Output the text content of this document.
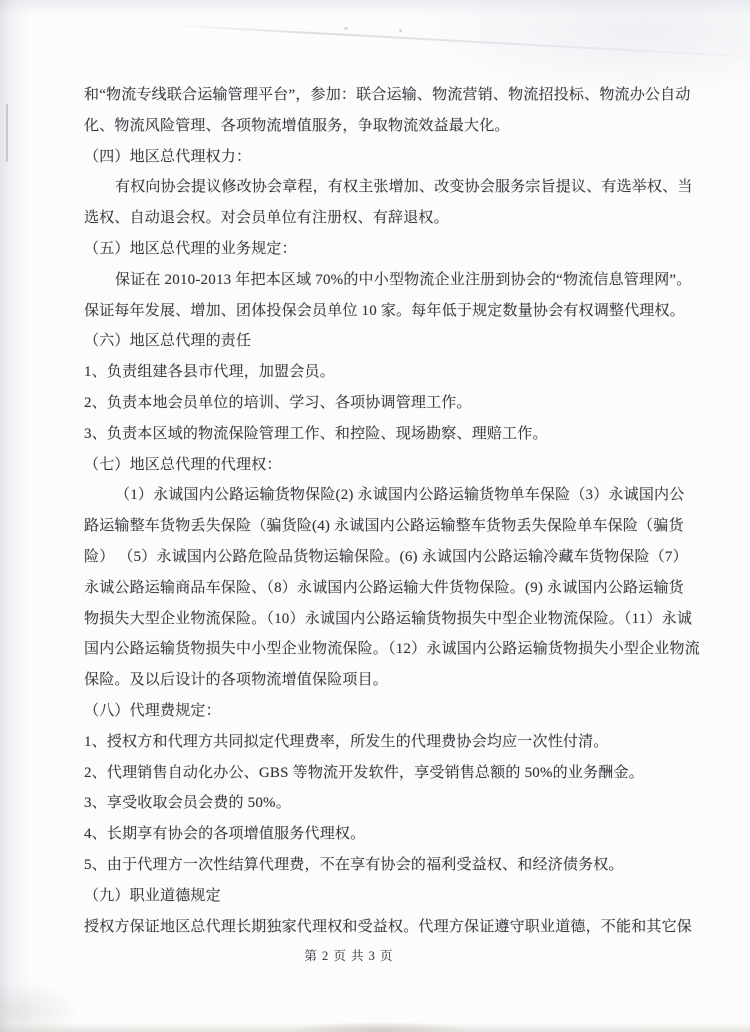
和“物流专线联合运输管理平台”，参加：联合运输、物流营销、物流招投标、物流办公自动

化、物流风险管理、各项物流增值服务，争取物流效益最大化。

（四）地区总代理权力：

有权向协会提议修改协会章程，有权主张增加、改变协会服务宗旨提议、有选举权、当

选权、自动退会权。对会员单位有注册权、有辞退权。

（五）地区总代理的业务规定：

保证在 2010-2013 年把本区域 70%的中小型物流企业注册到协会的“物流信息管理网”。

保证每年发展、增加、团体投保会员单位 10 家。每年低于规定数量协会有权调整代理权。

（六）地区总代理的责任

1、负责组建各县市代理，加盟会员。

2、负责本地会员单位的培训、学习、各项协调管理工作。

3、负责本区域的物流保险管理工作、和控险、现场勘察、理赔工作。

（七）地区总代理的代理权：

（1）永诚国内公路运输货物保险(2) 永诚国内公路运输货物单车保险（3）永诚国内公

路运输整车货物丢失保险（骗货险(4) 永诚国内公路运输整车货物丢失保险单车保险（骗货

险） （5）永诚国内公路危险品货物运输保险。(6) 永诚国内公路运输冷藏车货物保险（7）

永诚公路运输商品车保险、（8）永诚国内公路运输大件货物保险。(9) 永诚国内公路运输货

物损失大型企业物流保险。（10）永诚国内公路运输货物损失中型企业物流保险。（11）永诚

国内公路运输货物损失中小型企业物流保险。（12）永诚国内公路运输货物损失小型企业物流

保险。及以后设计的各项物流增值保险项目。

（八）代理费规定：

1、授权方和代理方共同拟定代理费率，所发生的代理费协会均应一次性付清。

2、代理销售自动化办公、GBS 等物流开发软件，享受销售总额的 50%的业务酬金。

3、享受收取会员会费的 50%。

4、长期享有协会的各项增值服务代理权。

5、由于代理方一次性结算代理费，不在享有协会的福利受益权、和经济债务权。

（九）职业道德规定

授权方保证地区总代理长期独家代理权和受益权。代理方保证遵守职业道德，不能和其它保

第 2 页 共 3 页
